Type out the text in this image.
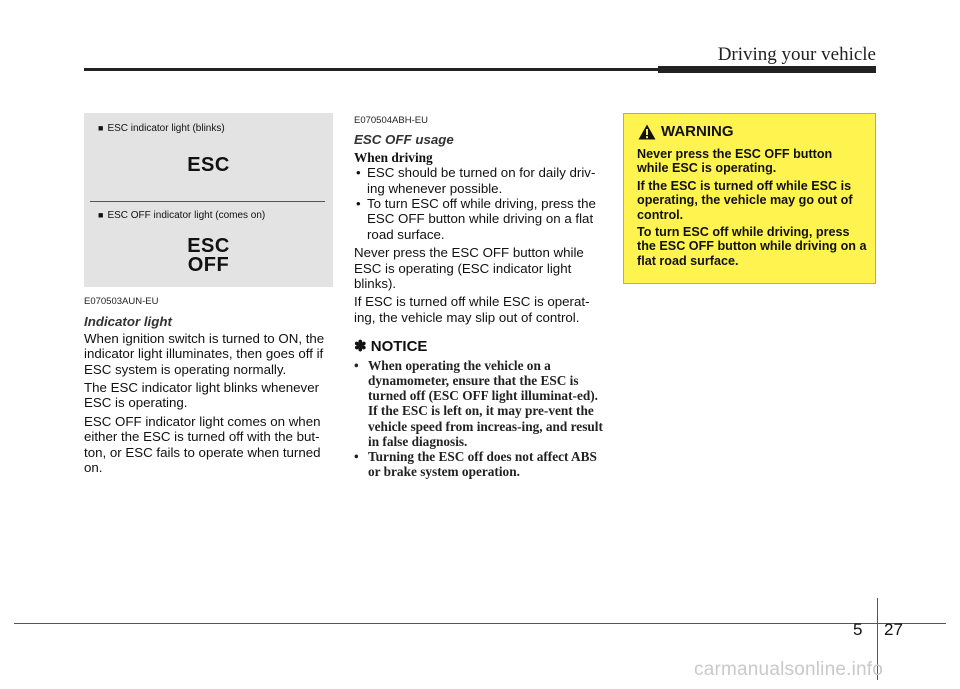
Driving your vehicle
■ ESC indicator light (blinks)
ESC
■ ESC OFF indicator light (comes on)
ESC
OFF
E070503AUN-EU
Indicator light

When ignition switch is turned to ON, the indicator light illuminates, then goes off if ESC system is operating normally.

The ESC indicator light blinks whenever ESC is operating.

ESC OFF indicator light comes on when either the ESC is turned off with the but-ton, or ESC fails to operate when turned on.

E070504ABH-EU
ESC OFF usage
When driving
• ESC should be turned on for daily driv-ing whenever possible.
• To turn ESC off while driving, press the ESC OFF button while driving on a flat road surface.

Never press the ESC OFF button while ESC is operating (ESC indicator light blinks).

If ESC is turned off while ESC is operat-ing, the vehicle may slip out of control.

✽ NOTICE
• When operating the vehicle on a dynamometer, ensure that the ESC is turned off (ESC OFF light illuminat-ed). If the ESC is left on, it may pre-vent the vehicle speed from increas-ing, and result in false diagnosis.
• Turning the ESC off does not affect ABS or brake system operation.
WARNING

Never press the ESC OFF button while ESC is operating.

If the ESC is turned off while ESC is operating, the vehicle may go out of control.

To turn ESC off while driving, press the ESC OFF button while driving on a flat road surface.

5 27
carmanualsonline.info
